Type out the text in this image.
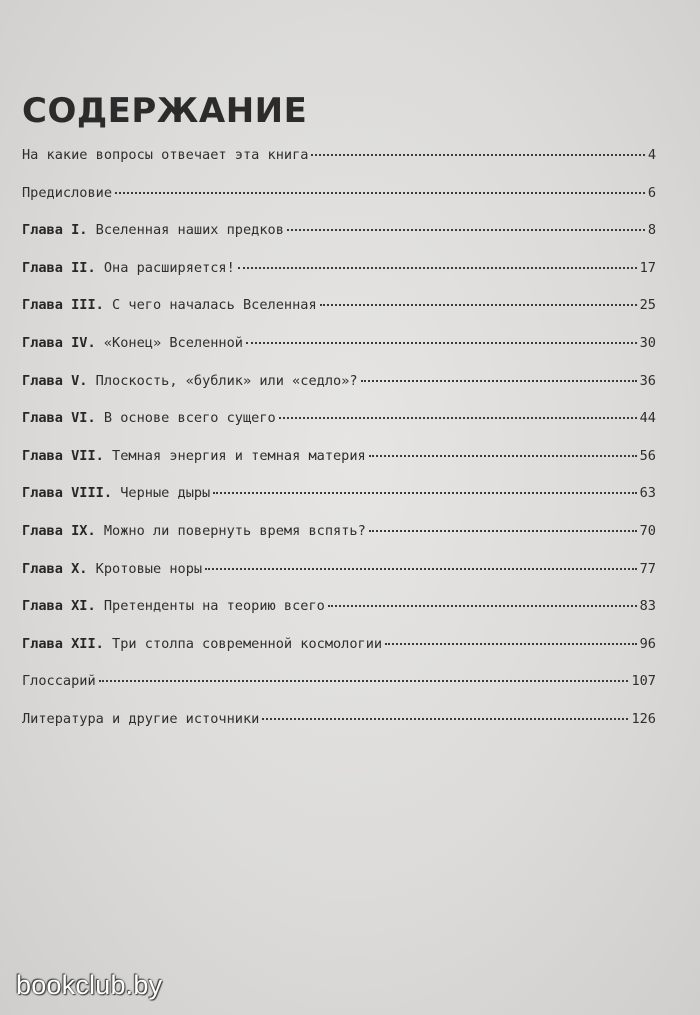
СОДЕРЖАНИЕ
На какие вопросы отвечает эта книга	4
Предисловие	6
Глава I. Вселенная наших предков	8
Глава II. Она расширяется!	17
Глава III. С чего началась Вселенная	25
Глава IV. «Конец» Вселенной	30
Глава V. Плоскость, «бублик» или «седло»?	36
Глава VI. В основе всего сущего	44
Глава VII. Темная энергия и темная материя	56
Глава VIII. Черные дыры	63
Глава IX. Можно ли повернуть время вспять?	70
Глава X. Кротовые норы	77
Глава XI. Претенденты на теорию всего	83
Глава XII. Три столпа современной космологии	96
Глоссарий	107
Литература и другие источники	126
bookclub.by
